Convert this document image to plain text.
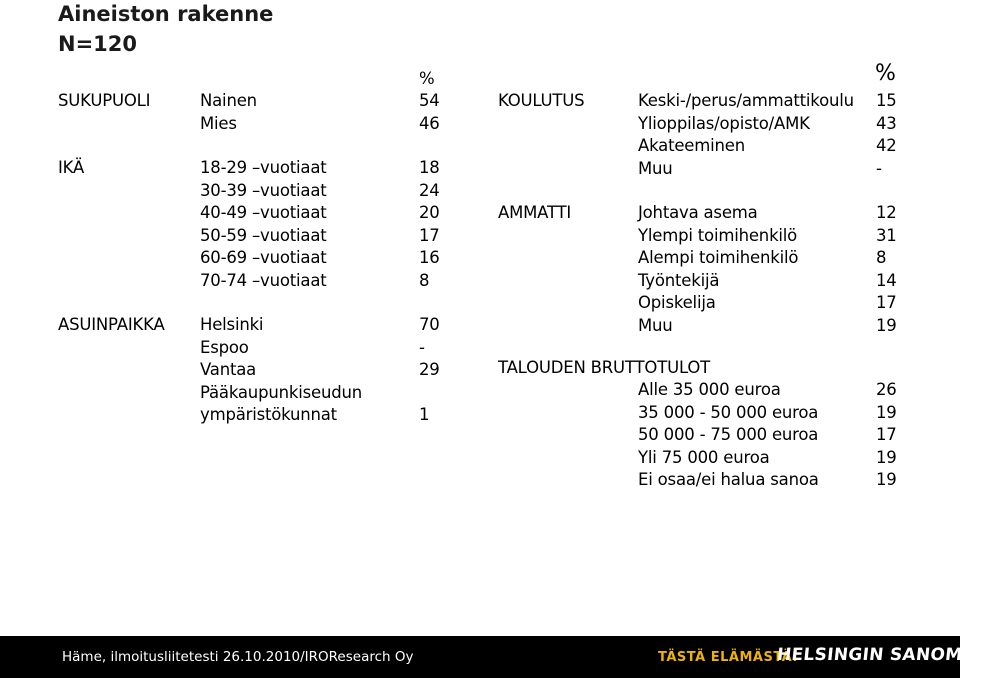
Aineiston rakenne
N=120
%
SUKUPUOLI	Nainen	54
Mies	46
IKÄ	18-29 –vuotiaat	18
30-39 –vuotiaat	24
40-49 –vuotiaat	20
50-59 –vuotiaat	17
60-69 –vuotiaat	16
70-74 –vuotiaat	8
ASUINPAIKKA Helsinki	70
Espoo	-
Vantaa	29
Pääkaupunkiseudun
ympäristökunnat	1
%
KOULUTUS	Keski-/perus/ammattikoulu 15
Ylioppilas/opisto/AMK	43
Akateeminen	42
Muu	-
AMMATTI	Johtava asema	12
Ylempi toimihenkilö	31
Alempi toimihenkilö	8
Työntekijä	14
Opiskelija	17
Muu	19
TALOUDEN BRUTTOTULOT
Alle 35 000 euroa	26
35 000 - 50 000 euroa	19
50 000 - 75 000 euroa	17
Yli 75 000 euroa	19
Ei osaa/ei halua sanoa	19
Häme, ilmoitusliitetesti 26.10.2010/IROResearch Oy	TÄSTÄ ELÄMÄSTÄ.
HELSINGIN SANOMAT
